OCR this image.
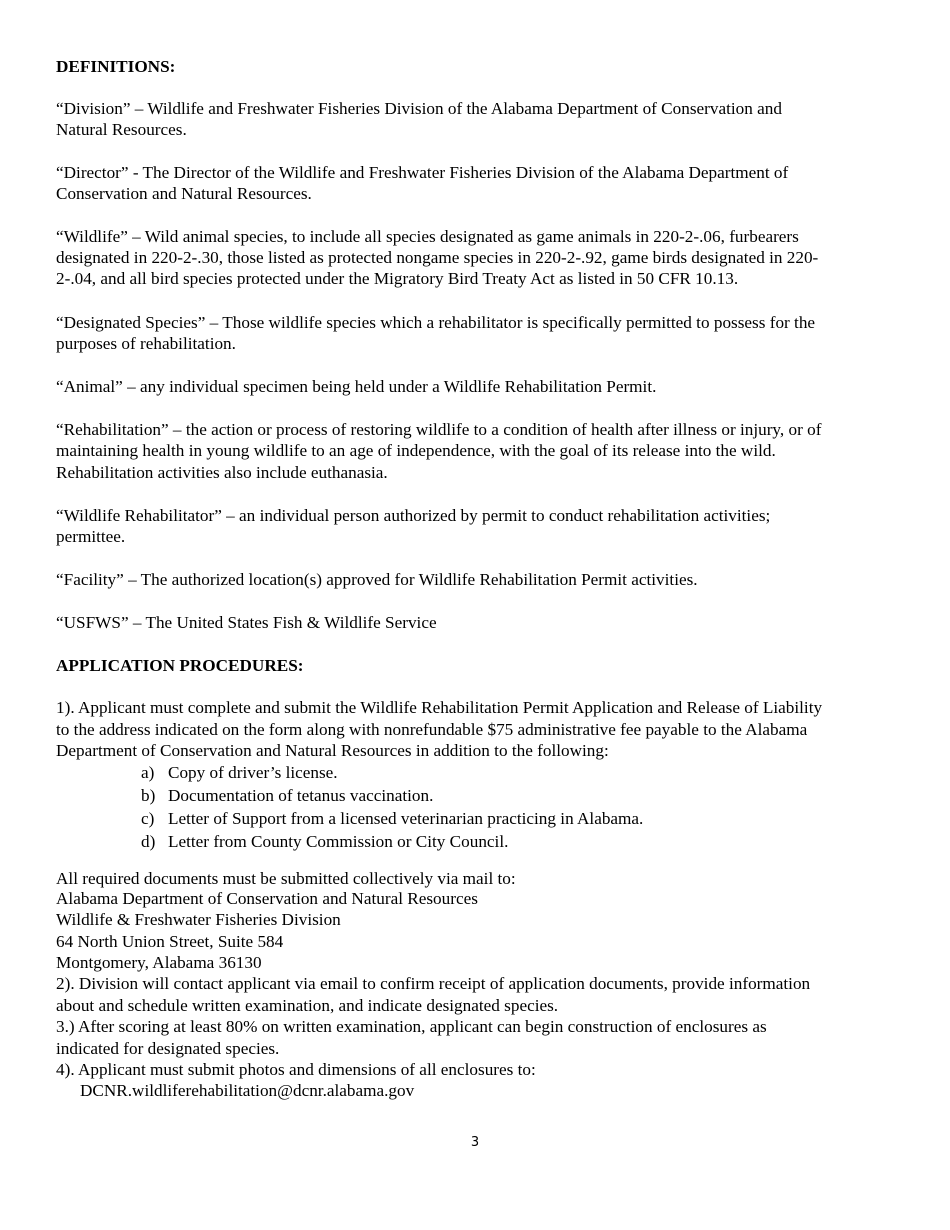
DEFINITIONS:
“Division” – Wildlife and Freshwater Fisheries Division of the Alabama Department of Conservation and
Natural Resources.
“Director” - The Director of the Wildlife and Freshwater Fisheries Division of the Alabama Department of
Conservation and Natural Resources.
“Wildlife” – Wild animal species, to include all species designated as game animals in 220-2-.06, furbearers
designated in 220-2-.30, those listed as protected nongame species in 220-2-.92, game birds designated in 220-
2-.04, and all bird species protected under the Migratory Bird Treaty Act as listed in 50 CFR 10.13.
“Designated Species” – Those wildlife species which a rehabilitator is specifically permitted to possess for the
purposes of rehabilitation.
“Animal” – any individual specimen being held under a Wildlife Rehabilitation Permit.
“Rehabilitation” – the action or process of restoring wildlife to a condition of health after illness or injury, or of
maintaining health in young wildlife to an age of independence, with the goal of its release into the wild.
Rehabilitation activities also include euthanasia.
“Wildlife Rehabilitator” – an individual person authorized by permit to conduct rehabilitation activities;
permittee.
“Facility” – The authorized location(s) approved for Wildlife Rehabilitation Permit activities.
“USFWS” – The United States Fish & Wildlife Service
APPLICATION PROCEDURES:
1). Applicant must complete and submit the Wildlife Rehabilitation Permit Application and Release of Liability
to the address indicated on the form along with nonrefundable $75 administrative fee payable to the Alabama
Department of Conservation and Natural Resources in addition to the following:
a) Copy of driver’s license.
b) Documentation of tetanus vaccination.
c) Letter of Support from a licensed veterinarian practicing in Alabama.
d) Letter from County Commission or City Council.
All required documents must be submitted collectively via mail to:
Alabama Department of Conservation and Natural Resources
Wildlife & Freshwater Fisheries Division
64 North Union Street, Suite 584
Montgomery, Alabama 36130
2). Division will contact applicant via email to confirm receipt of application documents, provide information
about and schedule written examination, and indicate designated species.
3.) After scoring at least 80% on written examination, applicant can begin construction of enclosures as
indicated for designated species.
4). Applicant must submit photos and dimensions of all enclosures to:
DCNR.wildliferehabilitation@dcnr.alabama.gov
3
